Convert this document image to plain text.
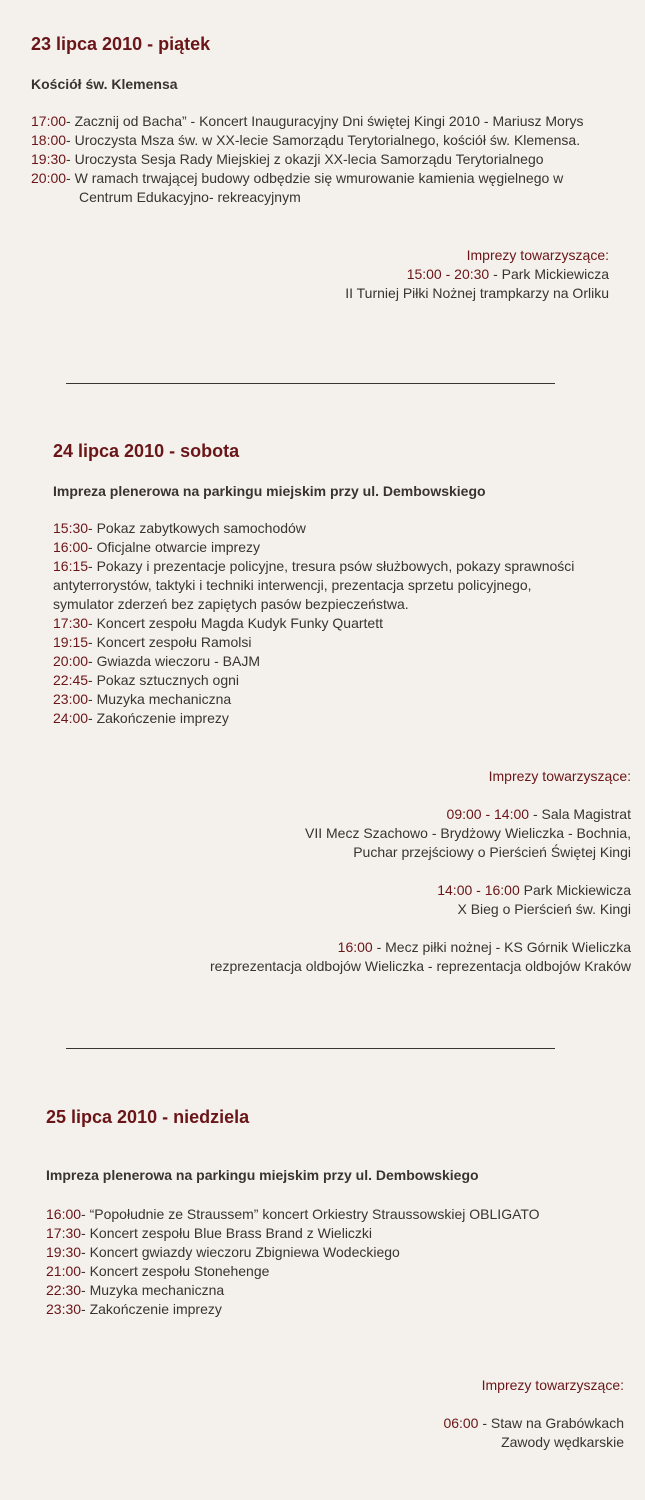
23 lipca 2010 - piątek
Kościół św. Klemensa
17:00 - Zacznij od Bacha” - Koncert Inauguracyjny Dni świętej Kingi 2010 - Mariusz Morys
18:00 - Uroczysta Msza św. w XX-lecie Samorządu Terytorialnego, kościół św. Klemensa.
19:30 - Uroczysta Sesja Rady Miejskiej z okazji XX-lecia Samorządu Terytorialnego
20:00 - W ramach trwającej budowy odbędzie się wmurowanie kamienia węgielnego w
Centrum Edukacyjno- rekreacyjnym
Imprezy towarzyszące:
15:00 - 20:30 - Park Mickiewicza
II Turniej Piłki Nożnej trampkarzy na Orliku
24 lipca 2010 - sobota
Impreza plenerowa na parkingu miejskim przy ul. Dembowskiego
15:30 - Pokaz zabytkowych samochodów
16:00 - Oficjalne otwarcie imprezy
16:15 - Pokazy i prezentacje policyjne, tresura psów służbowych, pokazy sprawności
antyterrorystów, taktyki i techniki interwencji, prezentacja sprzetu policyjnego,
symulator zderzeń bez zapiętych pasów bezpieczeństwa.
17:30 - Koncert zespołu Magda Kudyk Funky Quartett
19:15 - Koncert zespołu Ramolsi
20:00 - Gwiazda wieczoru - BAJM
22:45 - Pokaz sztucznych ogni
23:00 - Muzyka mechaniczna
24:00 - Zakończenie imprezy
Imprezy towarzyszące:
09:00 - 14:00 - Sala Magistrat
VII Mecz Szachowo - Brydżowy Wieliczka - Bochnia,
Puchar przejściowy o Pierścień Świętej Kingi
14:00 - 16:00 Park Mickiewicza
X Bieg o Pierścień św. Kingi
16:00 - Mecz piłki nożnej - KS Górnik Wieliczka
rezprezentacja oldbojów Wieliczka - reprezentacja oldbojów Kraków
25 lipca 2010 - niedziela
Impreza plenerowa na parkingu miejskim przy ul. Dembowskiego
16:00 - “Popołudnie ze Straussem” koncert Orkiestry Straussowskiej OBLIGATO
17:30 - Koncert zespołu Blue Brass Brand z Wieliczki
19:30 - Koncert gwiazdy wieczoru Zbigniewa Wodeckiego
21:00 - Koncert zespołu Stonehenge
22:30 - Muzyka mechaniczna
23:30 - Zakończenie imprezy
Imprezy towarzyszące:
06:00 - Staw na Grabówkach
Zawody wędkarskie
